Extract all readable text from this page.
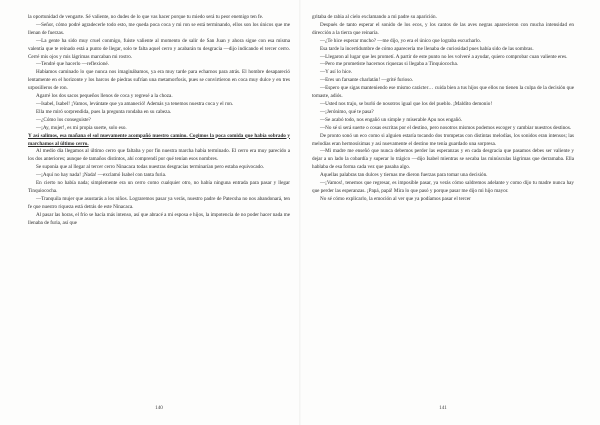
la oportunidad de vengarte. Sé valiente, no dudes de lo que vas hacer porque tu miedo será tu peor enemigo ten fe.

—Señor, cómo podré agradecerle todo esto, me queda poca coca y mi ron se está terminando, ellos son los únicos que me llenan de fuerzas.

—La gente ha sido muy cruel conmigo, fuiste valiente al momento de salir de San Juan y ahora sigue con esa misma valentía que te reinado está a punto de llegar, solo te falta aquel cerro y acabarán tu desgracia —dijo indicando el tercer cerro. Cerré mis ojos y mis lágrimas marcaban mi rostro.

—Tendré que hacerlo —reflexioné.

Habíamos caminado lo que nunca nos imaginábamos, ya era muy tarde para echarnos para atrás. El hombre desapareció lentamente en el horizonte y los barcos de piedras sufrían una metamorfosis, pues se convirtieron en coca muy dulce y en tres urposilleros de ron.

Agarré los dos sacos pequeños llenos de coca y regresé a la choza.

—Isabel, Isabel! ¡Vamos, levántate que ya amaneció! Además ya tenemos nuestra coca y el ron.

Ella me miró sorprendida, pues la pregunta rondaba en su cabeza.

—¿Cómo los conseguiste?

—¡Ay, mujer!, es mi propia suerte, solo eso.

Y así salimos, esa mañana el sol nuevamente acompañó nuestro camino. Cogimos la poca comida que había sobrado y marchamos al último cerro.

Al medio día llegamos al último cerro que faltaba y por fin nuestra marcha había terminado. El cerro era muy parecido a los dos anteriores; aunque de tamaños distintos, ahí comprendí por qué tenían esos nombres.

Se suponía que al llegar al tercer cerro Ninacaca todas nuestras desgracias terminarían pero estaba equivocado.

—¡Aquí no hay nada! ¡Nada! —exclamó Isabel con tanta furia.

En cierto no había nada; simplemente era un cerro como cualquier otro, no había ninguna entrada para pasar y llegar Tinquiococha.

—Tranquila mujer que asustarás a los niños. Lograremos pasar ya verás, nuestro padre de Patecsha no nos abandonará, ten fe que nuestro riqueza está detrás de este Ninacaca.

Al pasar las horas, el frío se hacía más intenso, así que abracé a mi esposa e hijos, la impotencia de no poder hacer nada me llenaba de furia, así que

140

gritaba de rabia al cielo exclamando a mi padre su aparición.

Después de tanto esperar el sonido de los ecos, y los cantos de las aves negras aparecieron con mucha intensidad en dirección a la tierra que reinaría.

—¿Te hice esperar mucho? —me dijo, yo era el único que lograba escucharlo.

Esa tarde la incertidumbre de cómo aparecería me llenaba de curiosidad pues había sido de las sombras.

—Llegaron al lugar que les prometí. A partir de este punto no les volveré a ayudar, quiero comprobar cuan valiente eres.

—Pero me prometiste hacernos riquezas si llegaba a Tinquiococha.

—Y así lo hice.

—Eres un farsante charlatán! —grité furioso.

—Espero que sigas manteniendo ese mismo carácter… cuida bien a tus hijos que ellos no tienen la culpa de la decisión que tomaste, adiós.

—Usted nos trajo, se burló de nosotros igual que los del pueblo. ¡Maldito demonio!

—¡Jerónimo, qué te pasa?

—Se acabó todo, nos engañó un simple y miserable Apu nos engañó.

—No sé si será suerte o cosas escritas por el destino, pero nosotros mismos podemos escoger y cambiar nuestros destinos.

De pronto sonó un eco como si alguien estaría tocando dos trompetas con distintas melodías, los sonidos eran intensos; las melodías eran hermosísimas y así nuevamente el destino me tenía guardado una sorpresa.

—Mi madre me enseñó que nunca debemos perder las esperanzas y en cada desgracia que pasamos debes ser valiente y dejar a un lado la cobardía y superar lo trágico —dijo Isabel mientras se secaba las minúsculas lágrimas que derramaba. Ella hablaba de esa forma cada vez que pasaba algo.

Aquellas palabras tan dulces y tiernas me dieron fuerzas para tomar una decisión.

—¡Vamos!, tenemos que regresar, es imposible pasar, ya verás cómo saldremos adelante y como dijo tu madre nunca hay que perder las esperanzas. ¡Papá, papá! Mira lo que pasó y porque pasar me dijo mi hijo mayor.

No sé cómo explicarlo, la emoción al ver que ya podíamos pasar el tercer

141
